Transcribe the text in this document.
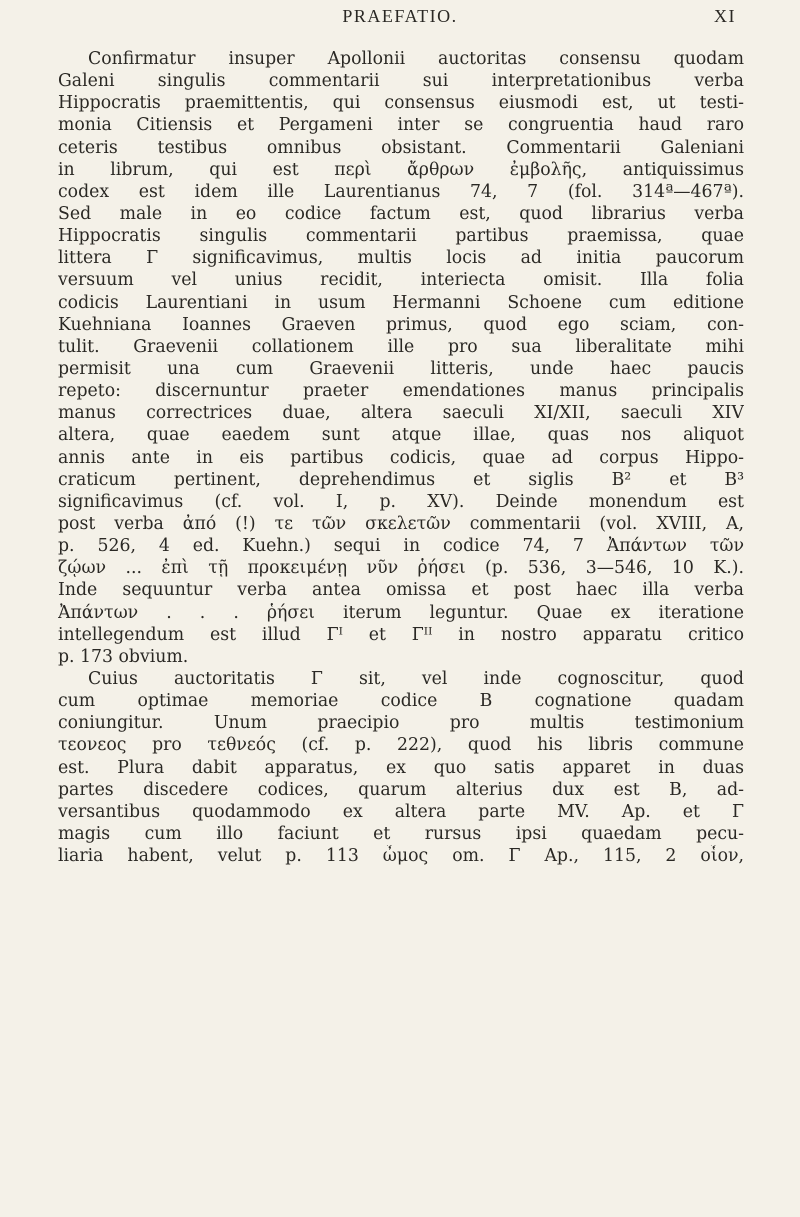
PRAEFATIO.	XI
Confirmatur insuper Apollonii auctoritas consensu quodam
Galeni singulis commentarii sui interpretationibus verba
Hippocratis praemittentis, qui consensus eiusmodi est, ut testi-
monia Citiensis et Pergameni inter se congruentia haud raro
ceteris testibus omnibus obsistant. Commentarii Galeniani
in librum, qui est περὶ ἄρθρων ἐμβολῆς, antiquissimus
codex est idem ille Laurentianus 74, 7 (fol. 314ª—467ª).
Sed male in eo codice factum est, quod librarius verba
Hippocratis singulis commentarii partibus praemissa, quae
littera Γ significavimus, multis locis ad initia paucorum
versuum vel unius recidit, interiecta omisit. Illa folia
codicis Laurentiani in usum Hermanni Schoene cum editione
Kuehniana Ioannes Graeven primus, quod ego sciam, con-
tulit. Graevenii collationem ille pro sua liberalitate mihi
permisit una cum Graevenii litteris, unde haec paucis
repeto: discernuntur praeter emendationes manus principalis
manus correctrices duae, altera saeculi XI/XII, saeculi XIV
altera, quae eaedem sunt atque illae, quas nos aliquot
annis ante in eis partibus codicis, quae ad corpus Hippo-
craticum pertinent, deprehendimus et siglis B² et B³
significavimus (cf. vol. I, p. XV). Deinde monendum est
post verba ἀπό (!) τε τῶν σκελετῶν commentarii (vol. XVIII, A,
p. 526, 4 ed. Kuehn.) sequi in codice 74, 7 Ἀπάντων τῶν
ζῴων ... ἐπὶ τῇ προκειμένῃ νῦν ῥήσει (p. 536, 3—546, 10 K.).
Inde sequuntur verba antea omissa et post haec illa verba
Ἀπάντων . . . ῥήσει iterum leguntur. Quae ex iteratione
intellegendum est illud Γᴵ et Γᴵᴵ in nostro apparatu critico
p. 173 obvium.
Cuius auctoritatis Γ sit, vel inde cognoscitur, quod
cum optimae memoriae codice B cognatione quadam
coniungitur. Unum praecipio pro multis testimonium
τεονεος pro τεθνεός (cf. p. 222), quod his libris commune
est. Plura dabit apparatus, ex quo satis apparet in duas
partes discedere codices, quarum alterius dux est B, ad-
versantibus quodammodo ex altera parte MV. Ap. et Γ
magis cum illo faciunt et rursus ipsi quaedam pecu-
liaria habent, velut p. 113 ὦμος om. Γ Ap., 115, 2 οἷον,
